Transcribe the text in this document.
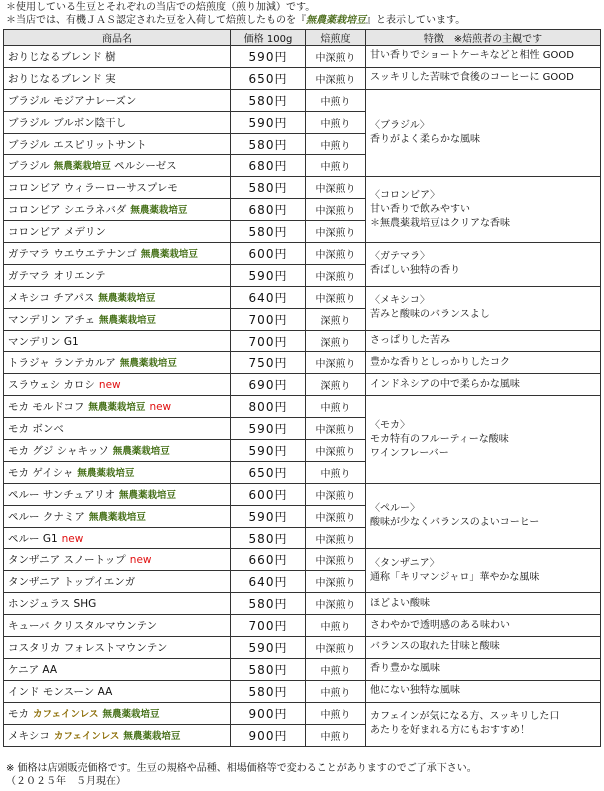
＊使用している生豆とそれぞれの当店での焙煎度（煎り加減）です。
＊当店では、有機ＪＡＳ認定された豆を入荷して焙煎したものを『無農薬栽培豆』と表示しています。
商品名	価格 100g	焙煎度	特徴　※焙煎者の主観です
おりじなるブレンド 樹	590円	中深煎り	甘い香りでショートケーキなどと相性 GOOD
おりじなるブレンド 実	650円	中深煎り	スッキリした苦味で食後のコーヒーに GOOD
ブラジル モジアナレーズン	580円	中煎り	〈ブラジル〉
香りがよく柔らかな風味
ブラジル ブルボン陰干し	590円	中煎り	
ブラジル エスピリットサント	580円	中煎り	
ブラジル 無農薬栽培豆 ペルシーゼス	680円	中煎り	
コロンビア ウィラーローサスプレモ	580円	中深煎り	〈コロンビア〉
甘い香りで飲みやすい
＊無農薬栽培豆はクリアな香味
コロンビア シエラネバダ 無農薬栽培豆	680円	中深煎り	
コロンビア メデリン	580円	中深煎り	
ガテマラ ウエウエテナンゴ 無農薬栽培豆	600円	中深煎り	〈ガテマラ〉
香ばしい独特の香り
ガテマラ オリエンテ	590円	中深煎り	
メキシコ チアパス 無農薬栽培豆	640円	中深煎り	〈メキシコ〉
苦みと酸味のバランスよし
マンデリン アチェ 無農薬栽培豆	700円	深煎り	
マンデリン G1	700円	深煎り	さっぱりした苦み
トラジャ ランテカルア 無農薬栽培豆	750円	中深煎り	豊かな香りとしっかりしたコク
スラウェシ カロシ new	690円	深煎り	インドネシアの中で柔らかな風味
モカ モルドコフ 無農薬栽培豆 new	800円	中煎り	〈モカ〉
モカ特有のフルーティーな酸味
ワインフレーバー
モカ ボンベ	590円	中深煎り	
モカ グジ シャキッソ 無農薬栽培豆	590円	中深煎り	
モカ ゲイシャ 無農薬栽培豆	650円	中煎り	
ペルー サンチュアリオ 無農薬栽培豆	600円	中深煎り	〈ペルー〉
酸味が少なくバランスのよいコーヒー
ペルー クナミア 無農薬栽培豆	590円	中深煎り	
ペルー G1 new	580円	中深煎り	
タンザニア スノートップ new	660円	中深煎り	〈タンザニア〉
通称「キリマンジャロ」華やかな風味
タンザニア トップイエンガ	640円	中深煎り	
ホンジュラス SHG	580円	中深煎り	ほどよい酸味
キューバ クリスタルマウンテン	700円	中煎り	さわやかで透明感のある味わい
コスタリカ フォレストマウンテン	590円	中深煎り	バランスの取れた甘味と酸味
ケニア AA	580円	中煎り	香り豊かな風味
インド モンスーン AA	580円	中煎り	他にない独特な風味
モカ カフェインレス 無農薬栽培豆	900円	中煎り	カフェインが気になる方、スッキリした口
あたりを好まれる方にもおすすめ！
メキシコ カフェインレス 無農薬栽培豆	900円	中煎り	
※ 価格は店頭販売価格です。生豆の規格や品種、相場価格等で変わることがありますのでご了承下さい。
（２０２５年　５月現在）
